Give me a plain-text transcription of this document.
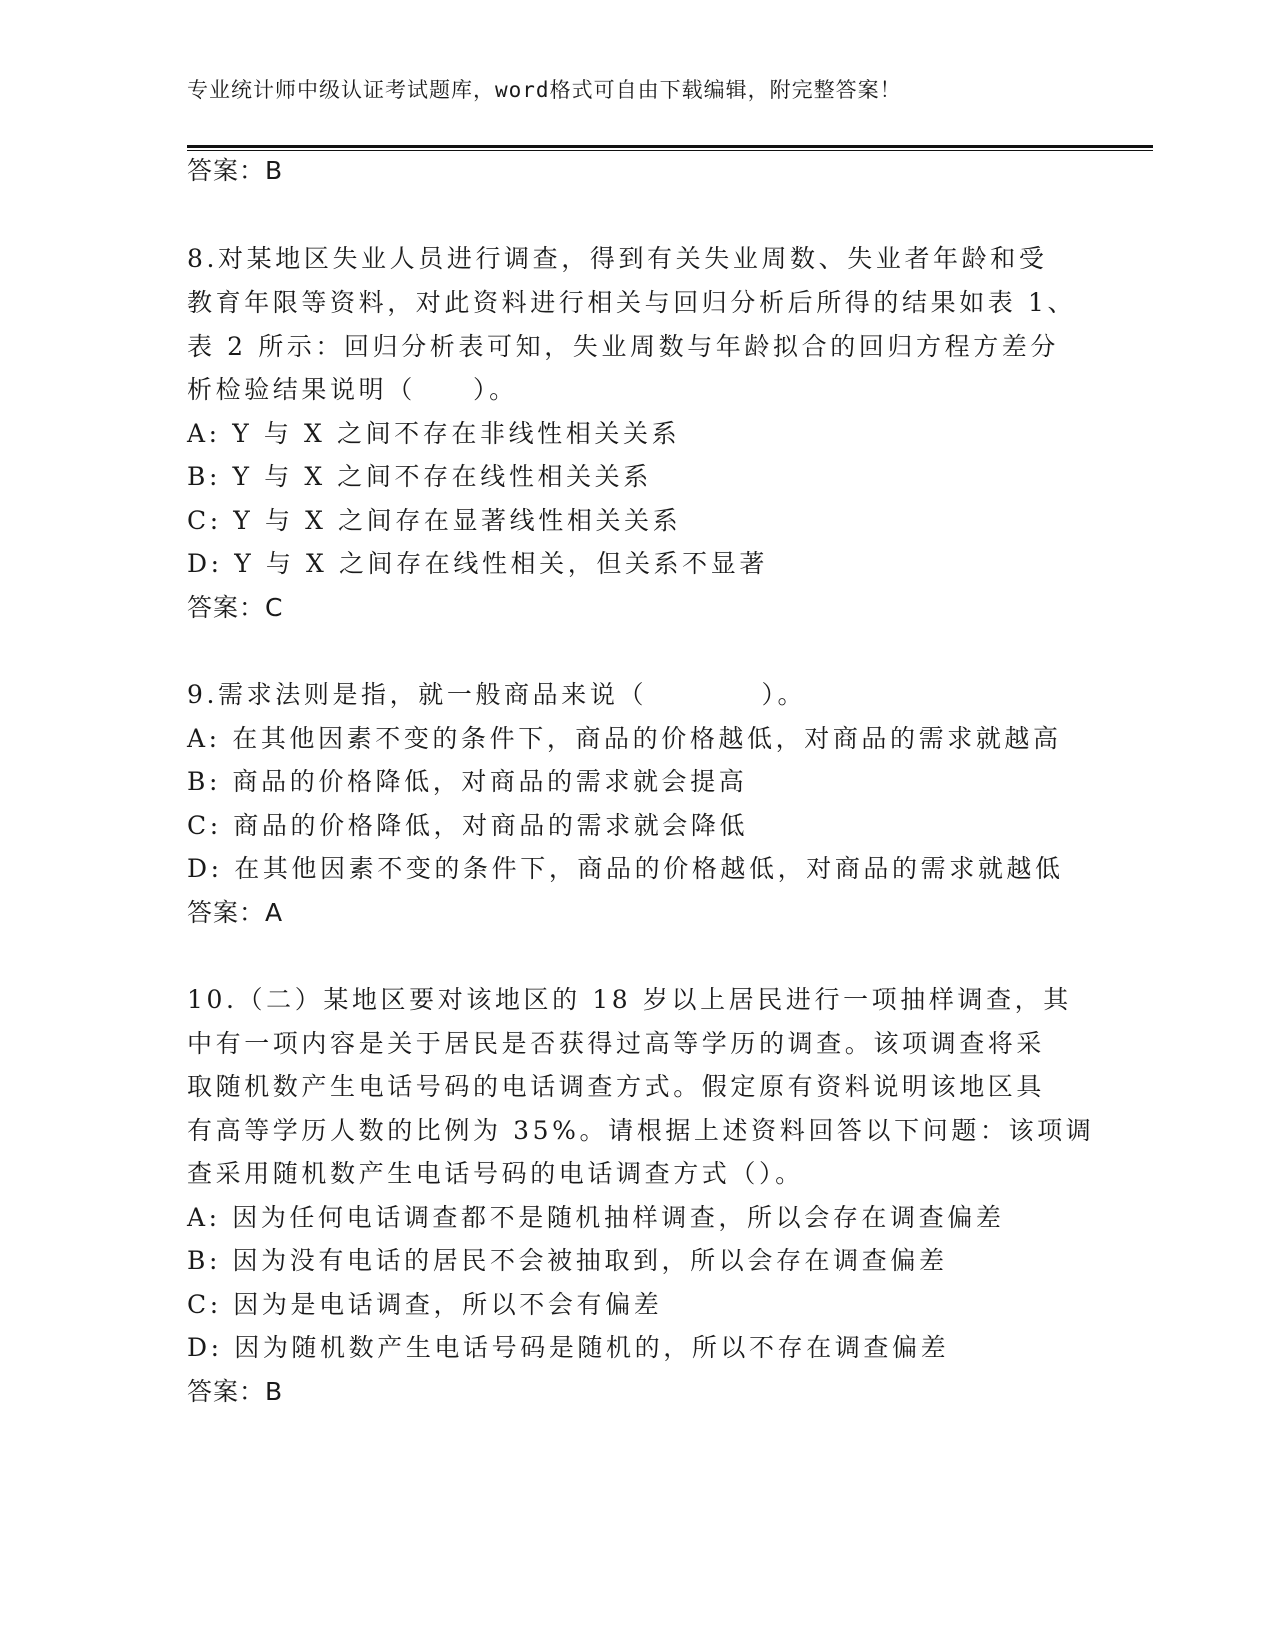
专业统计师中级认证考试题库，word格式可自由下载编辑，附完整答案！
答案：B
8.对某地区失业人员进行调查，得到有关失业周数、失业者年龄和受
教育年限等资料，对此资料进行相关与回归分析后所得的结果如表 1、
表 2 所示：回归分析表可知，失业周数与年龄拟合的回归方程方差分
析检验结果说明（　　）。
A: Y 与 X 之间不存在非线性相关关系
B: Y 与 X 之间不存在线性相关关系
C: Y 与 X 之间存在显著线性相关关系
D: Y 与 X 之间存在线性相关，但关系不显著
答案：C
9.需求法则是指，就一般商品来说（　　　　）。
A: 在其他因素不变的条件下，商品的价格越低，对商品的需求就越高
B: 商品的价格降低，对商品的需求就会提高
C: 商品的价格降低，对商品的需求就会降低
D: 在其他因素不变的条件下，商品的价格越低，对商品的需求就越低
答案：A
10.（二）某地区要对该地区的 18 岁以上居民进行一项抽样调查，其
中有一项内容是关于居民是否获得过高等学历的调查。该项调查将采
取随机数产生电话号码的电话调查方式。假定原有资料说明该地区具
有高等学历人数的比例为 35%。请根据上述资料回答以下问题：该项调
查采用随机数产生电话号码的电话调查方式（）。
A: 因为任何电话调查都不是随机抽样调查，所以会存在调查偏差
B: 因为没有电话的居民不会被抽取到，所以会存在调查偏差
C: 因为是电话调查，所以不会有偏差
D: 因为随机数产生电话号码是随机的，所以不存在调查偏差
答案：B
